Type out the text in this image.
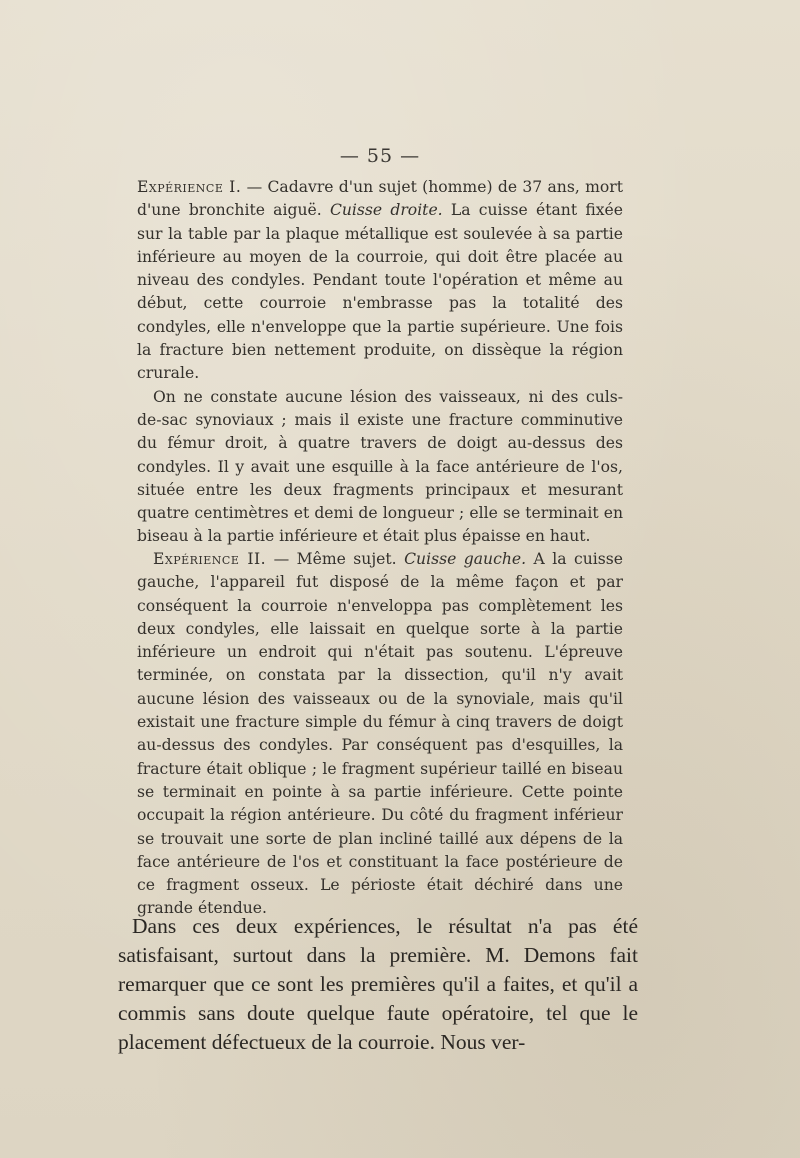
— 55 —

Expérience I. — Cadavre d'un sujet (homme) de 37 ans, mort d'une bronchite aiguë. Cuisse droite. La cuisse étant fixée sur la table par la plaque métallique est soulevée à sa partie inférieure au moyen de la courroie, qui doit être placée au niveau des condyles. Pendant toute l'opération et même au début, cette courroie n'embrasse pas la totalité des condyles, elle n'enveloppe que la partie supérieure. Une fois la fracture bien nettement produite, on dissèque la région crurale.

On ne constate aucune lésion des vaisseaux, ni des culs-de-sac synoviaux ; mais il existe une fracture comminutive du fémur droit, à quatre travers de doigt au-dessus des condyles. Il y avait une esquille à la face antérieure de l'os, située entre les deux fragments principaux et mesurant quatre centimètres et demi de longueur ; elle se terminait en biseau à la partie inférieure et était plus épaisse en haut.

Expérience II. — Même sujet. Cuisse gauche. A la cuisse gauche, l'appareil fut disposé de la même façon et par conséquent la courroie n'enveloppa pas complètement les deux condyles, elle laissait en quelque sorte à la partie inférieure un endroit qui n'était pas soutenu. L'épreuve terminée, on constata par la dissection, qu'il n'y avait aucune lésion des vaisseaux ou de la synoviale, mais qu'il existait une fracture simple du fémur à cinq travers de doigt au-dessus des condyles. Par conséquent pas d'esquilles, la fracture était oblique ; le fragment supérieur taillé en biseau se terminait en pointe à sa partie inférieure. Cette pointe occupait la région antérieure. Du côté du fragment inférieur se trouvait une sorte de plan incliné taillé aux dépens de la face antérieure de l'os et constituant la face postérieure de ce fragment osseux. Le périoste était déchiré dans une grande étendue.

Dans ces deux expériences, le résultat n'a pas été satisfaisant, surtout dans la première. M. Demons fait remarquer que ce sont les premières qu'il a faites, et qu'il a commis sans doute quelque faute opératoire, tel que le placement défectueux de la courroie. Nous ver-
